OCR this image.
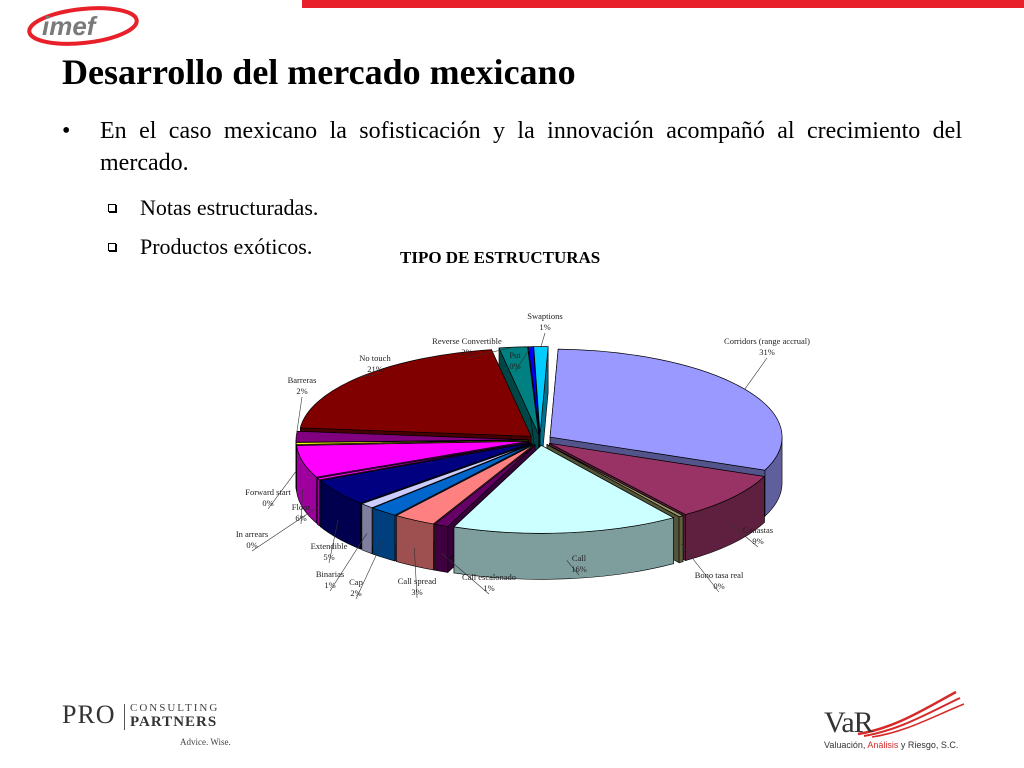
imef
Desarrollo del mercado mexicano
• En el caso mexicano la sofisticación y la innovación acompañó al crecimiento del mercado.
Notas estructuradas.
Productos exóticos.	TIPO DE ESTRUCTURAS
Corridors (range accrual) 31%
Canastas 9%
Bono tasa real 0%
Call 16%
Call escalonado 1%
Call spread 3%
Cap 2%
Binarias 1%
Extendible 5%
In arrears 0%
Floor 6%
Forward start 0%
Barreras 2%
No touch 21%
Reverse Convertible 2%	Put 0%
Swaptions 1%
PRO CONSULTING
PARTNERS
Advice. Wise.
VaR
Valuación, Análisis y Riesgo, S.C.
